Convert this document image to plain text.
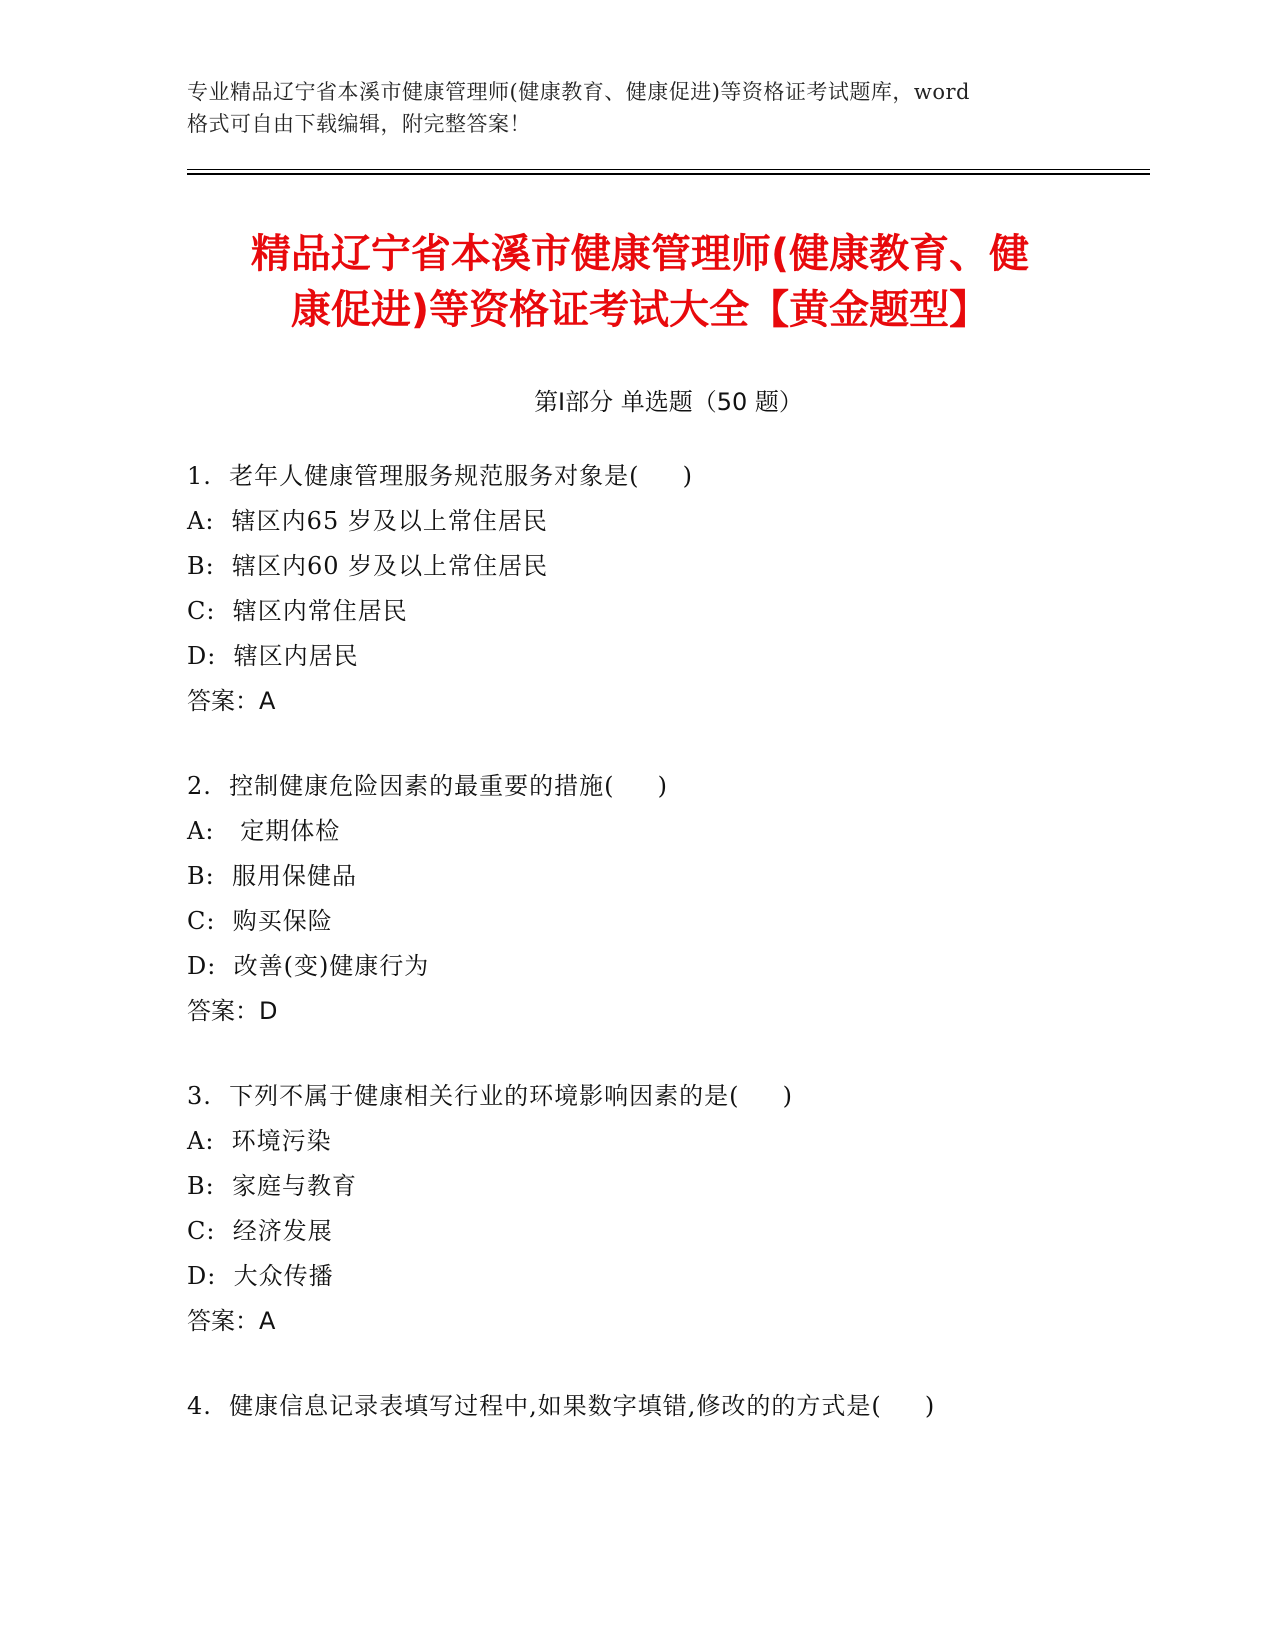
专业精品辽宁省本溪市健康管理师(健康教育、健康促进)等资格证考试题库，word
格式可自由下载编辑，附完整答案！
精品辽宁省本溪市健康管理师(健康教育、健
康促进)等资格证考试大全【黄金题型】
第Ⅰ部分 单选题（50 题）
1.  老年人健康管理服务规范服务对象是(     )
A:  辖区内65 岁及以上常住居民
B:  辖区内60 岁及以上常住居民
C:  辖区内常住居民
D:  辖区内居民
答案：A
2.  控制健康危险因素的最重要的措施(     )
A:   定期体检
B:  服用保健品
C:  购买保险
D:  改善(变)健康行为
答案：D
3.  下列不属于健康相关行业的环境影响因素的是(     )
A:  环境污染
B:  家庭与教育
C:  经济发展
D:  大众传播
答案：A
4.  健康信息记录表填写过程中,如果数字填错,修改的的方式是(     )
